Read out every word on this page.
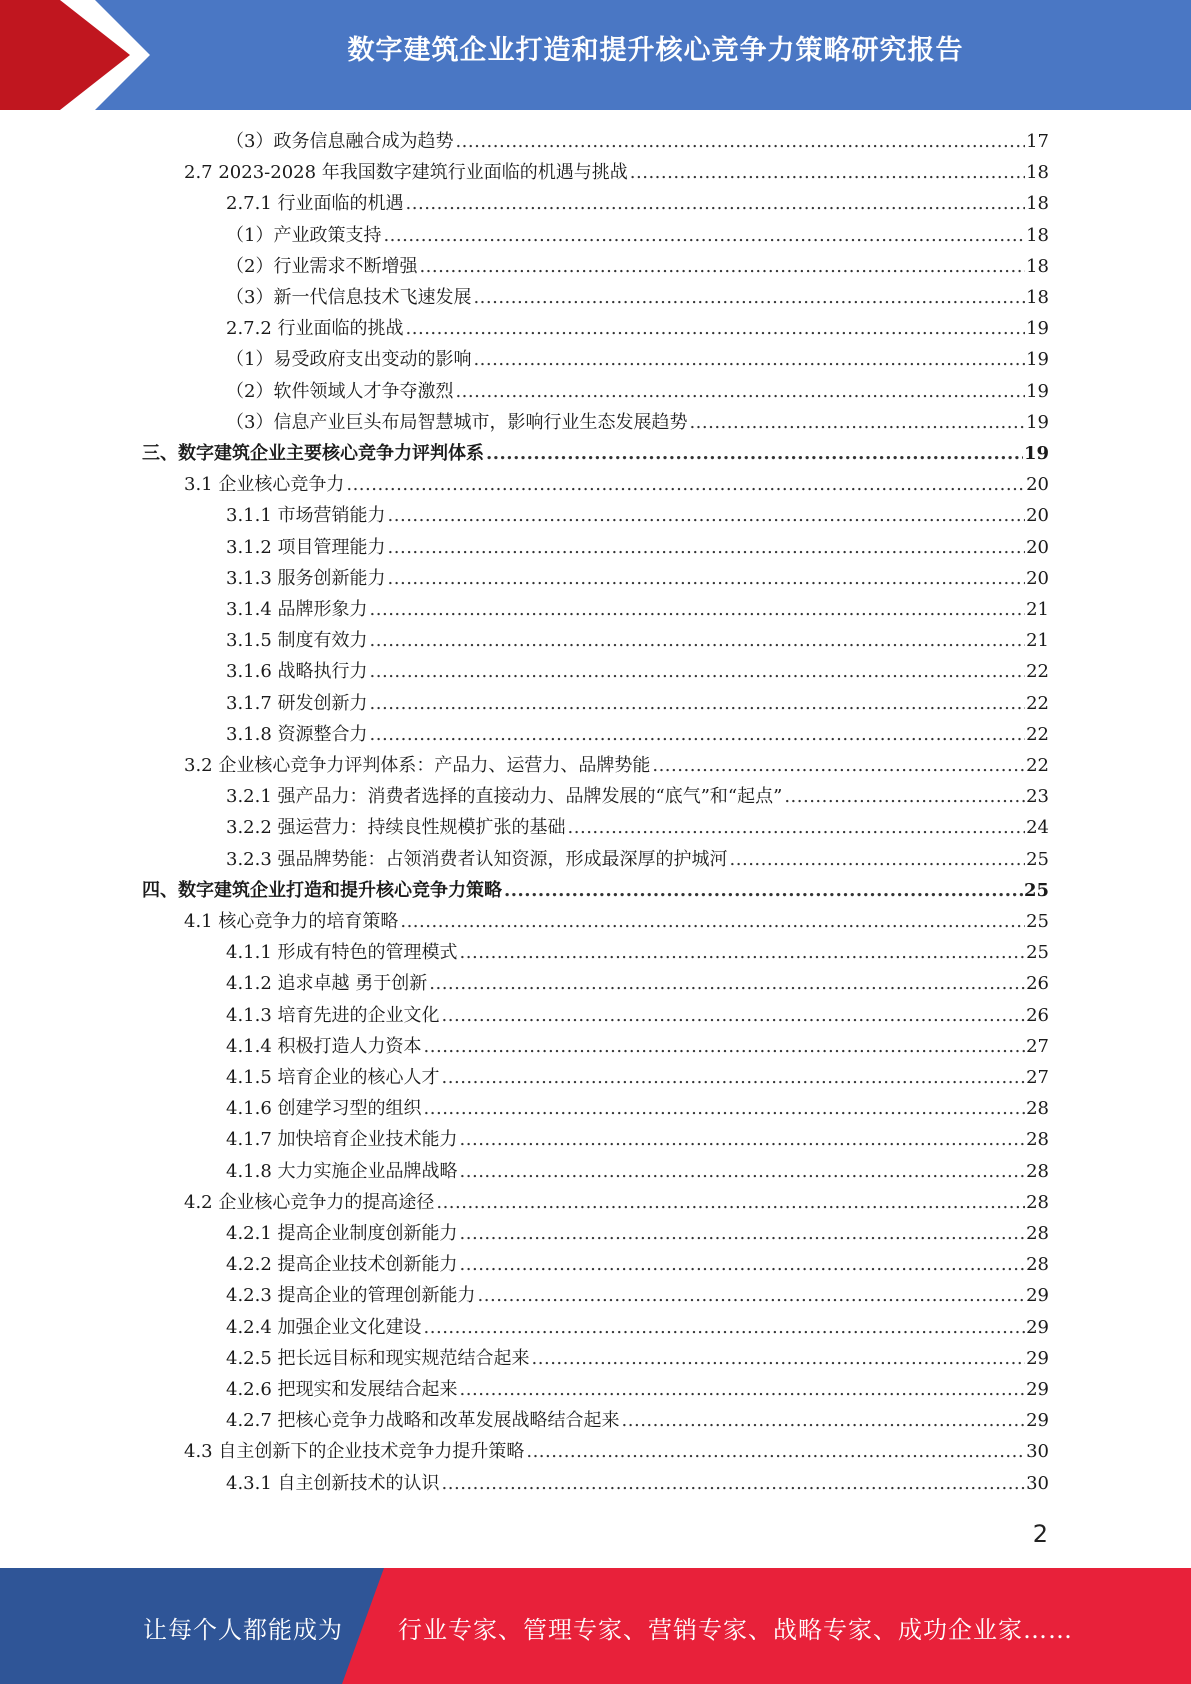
数字建筑企业打造和提升核心竞争力策略研究报告
（3）政务信息融合成为趋势 .....	17
2.7 2023-2028 年我国数字建筑行业面临的机遇与挑战 .....	18
2.7.1 行业面临的机遇 .....	18
（1）产业政策支持 .....	18
（2）行业需求不断增强 .....	18
（3）新一代信息技术飞速发展 .....	18
2.7.2 行业面临的挑战 .....	19
（1）易受政府支出变动的影响 .....	19
（2）软件领域人才争夺激烈 .....	19
（3）信息产业巨头布局智慧城市，影响行业生态发展趋势 .....	19
三、数字建筑企业主要核心竞争力评判体系 .....	19
3.1 企业核心竞争力 .....	20
3.1.1 市场营销能力 .....	20
3.1.2 项目管理能力 .....	20
3.1.3 服务创新能力 .....	20
3.1.4 品牌形象力 .....	21
3.1.5 制度有效力 .....	21
3.1.6 战略执行力 .....	22
3.1.7 研发创新力 .....	22
3.1.8 资源整合力 .....	22
3.2 企业核心竞争力评判体系：产品力、运营力、品牌势能 .....	22
3.2.1 强产品力：消费者选择的直接动力、品牌发展的“底气”和“起点” .....	23
3.2.2 强运营力：持续良性规模扩张的基础 .....	24
3.2.3 强品牌势能：占领消费者认知资源，形成最深厚的护城河 .....	25
四、数字建筑企业打造和提升核心竞争力策略 .....	25
4.1 核心竞争力的培育策略 .....	25
4.1.1 形成有特色的管理模式 .....	25
4.1.2 追求卓越 勇于创新 .....	26
4.1.3 培育先进的企业文化 .....	26
4.1.4 积极打造人力资本 .....	27
4.1.5 培育企业的核心人才 .....	27
4.1.6 创建学习型的组织 .....	28
4.1.7 加快培育企业技术能力 .....	28
4.1.8 大力实施企业品牌战略 .....	28
4.2 企业核心竞争力的提高途径 .....	28
4.2.1 提高企业制度创新能力 .....	28
4.2.2 提高企业技术创新能力 .....	28
4.2.3 提高企业的管理创新能力 .....	29
4.2.4 加强企业文化建设 .....	29
4.2.5 把长远目标和现实规范结合起来 .....	29
4.2.6 把现实和发展结合起来 .....	29
4.2.7 把核心竞争力战略和改革发展战略结合起来 .....	29
4.3 自主创新下的企业技术竞争力提升策略 .....	30
4.3.1 自主创新技术的认识 .....	30
2
让每个人都能成为 行业专家、管理专家、营销专家、战略专家、成功企业家……
